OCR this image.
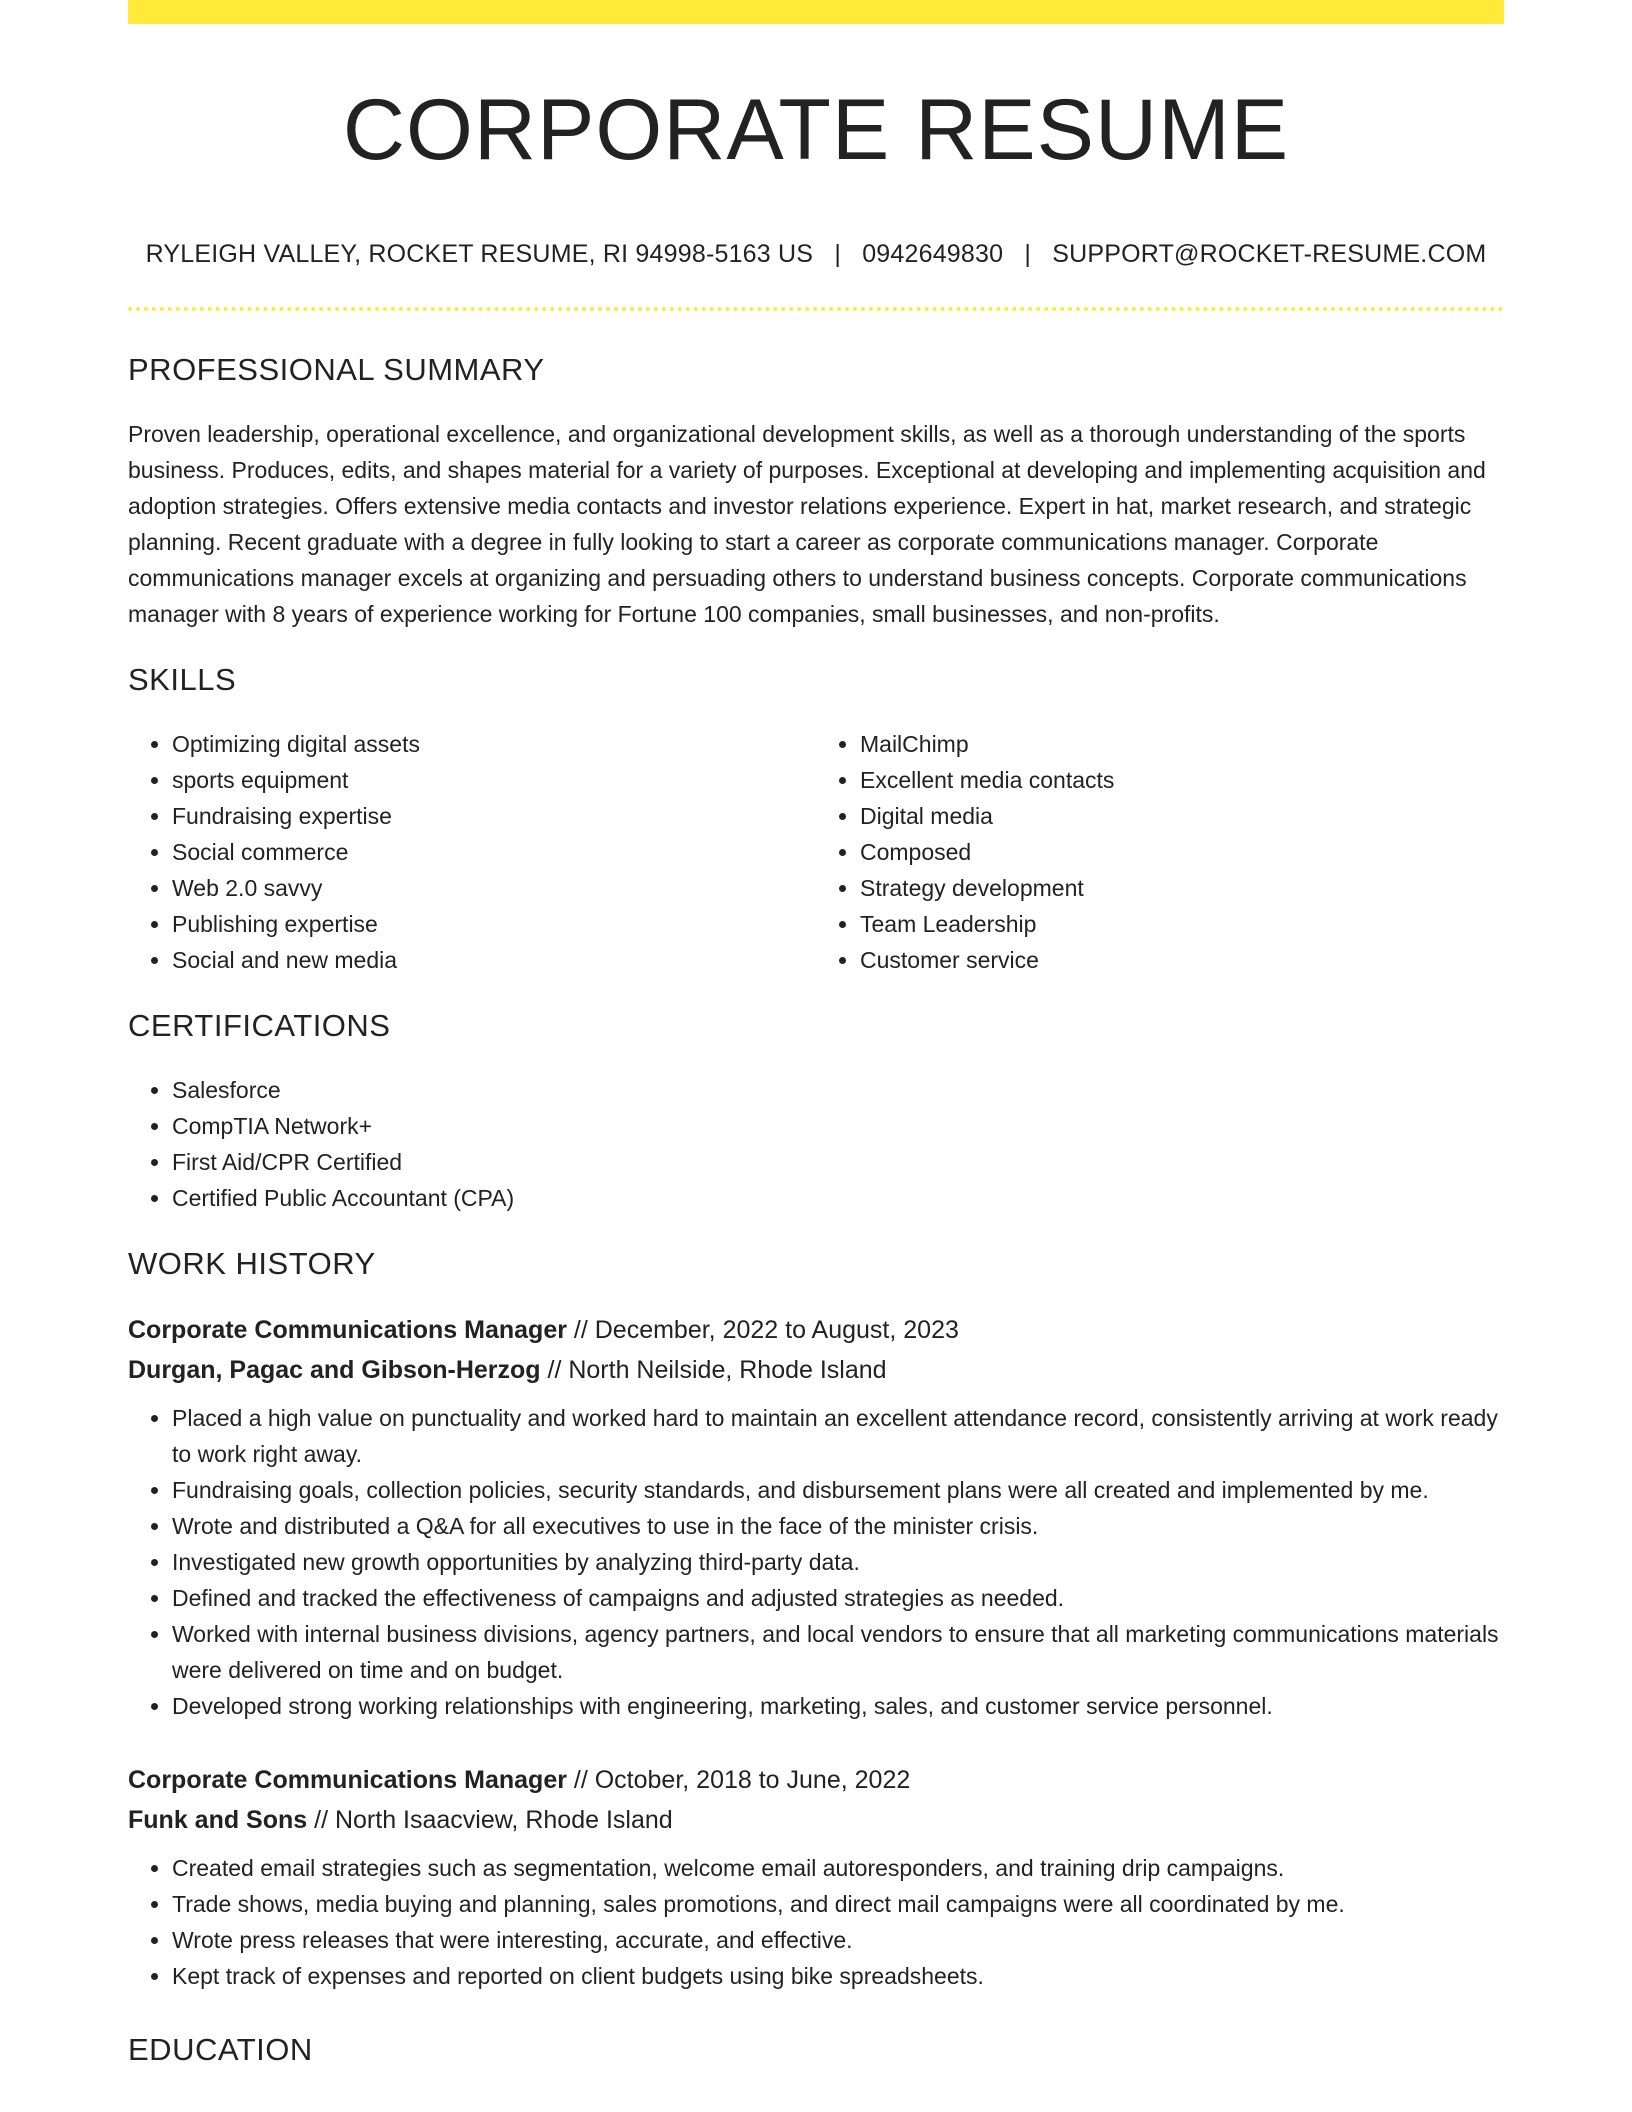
CORPORATE RESUME
RYLEIGH VALLEY, ROCKET RESUME, RI 94998-5163 US | 0942649830 | SUPPORT@ROCKET-RESUME.COM
PROFESSIONAL SUMMARY

Proven leadership, operational excellence, and organizational development skills, as well as a thorough understanding of the sports business. Produces, edits, and shapes material for a variety of purposes. Exceptional at developing and implementing acquisition and adoption strategies. Offers extensive media contacts and investor relations experience. Expert in hat, market research, and strategic planning. Recent graduate with a degree in fully looking to start a career as corporate communications manager. Corporate communications manager excels at organizing and persuading others to understand business concepts. Corporate communications manager with 8 years of experience working for Fortune 100 companies, small businesses, and non-profits.

SKILLS
• Optimizing digital assets
• sports equipment
• Fundraising expertise
• Social commerce
• Web 2.0 savvy
• Publishing expertise
• Social and new media
• MailChimp
• Excellent media contacts
• Digital media
• Composed
• Strategy development
• Team Leadership
• Customer service
CERTIFICATIONS
• Salesforce
• CompTIA Network+
• First Aid/CPR Certified
• Certified Public Accountant (CPA)
WORK HISTORY
Corporate Communications Manager // December, 2022 to August, 2023
Durgan, Pagac and Gibson-Herzog // North Neilside, Rhode Island
• Placed a high value on punctuality and worked hard to maintain an excellent attendance record, consistently arriving at work ready to work right away.
• Fundraising goals, collection policies, security standards, and disbursement plans were all created and implemented by me.
• Wrote and distributed a Q&A for all executives to use in the face of the minister crisis.
• Investigated new growth opportunities by analyzing third-party data.
• Defined and tracked the effectiveness of campaigns and adjusted strategies as needed.
• Worked with internal business divisions, agency partners, and local vendors to ensure that all marketing communications materials were delivered on time and on budget.
• Developed strong working relationships with engineering, marketing, sales, and customer service personnel.
Corporate Communications Manager // October, 2018 to June, 2022
Funk and Sons // North Isaacview, Rhode Island
• Created email strategies such as segmentation, welcome email autoresponders, and training drip campaigns.
• Trade shows, media buying and planning, sales promotions, and direct mail campaigns were all coordinated by me.
• Wrote press releases that were interesting, accurate, and effective.
• Kept track of expenses and reported on client budgets using bike spreadsheets.
EDUCATION
